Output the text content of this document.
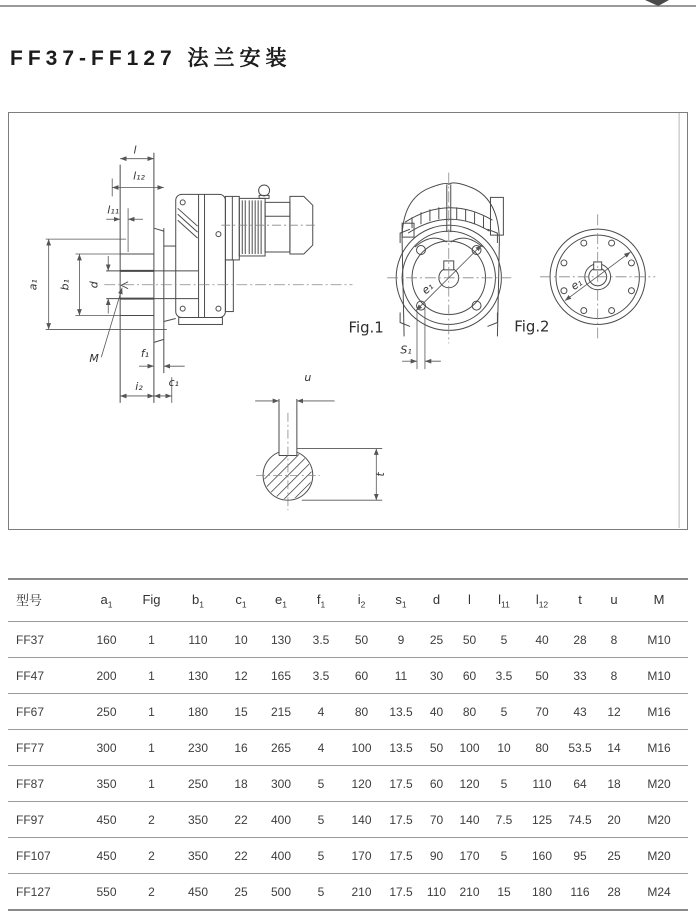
FF37-FF127 法兰安装
l
l₁₂
l₁₁
a₁ b₁ d
M	f₁
i₂ c₁
e₁
S₁
Fig.1
e₁
Fig.2
u
t
型号	$a_1$	Fig	$b_1$	$c_1$	$e_1$	$f_1$	$i_2$	$s_1$	d	l	$l_{11}$	$l_{12}$	t	u	M
FF37	160	1	110	10	130	3.5	50	9	25	50	5	40	28	8	M10
FF47	200	1	130	12	165	3.5	60	11	30	60	3.5	50	33	8	M10
FF67	250	1	180	15	215	4	80	13.5	40	80	5	70	43	12	M16
FF77	300	1	230	16	265	4	100	13.5	50	100	10	80	53.5	14	M16
FF87	350	1	250	18	300	5	120	17.5	60	120	5	110	64	18	M20
FF97	450	2	350	22	400	5	140	17.5	70	140	7.5	125	74.5	20	M20
FF107	450	2	350	22	400	5	170	17.5	90	170	5	160	95	25	M20
FF127	550	2	450	25	500	5	210	17.5	110	210	15	180	116	28	M24
